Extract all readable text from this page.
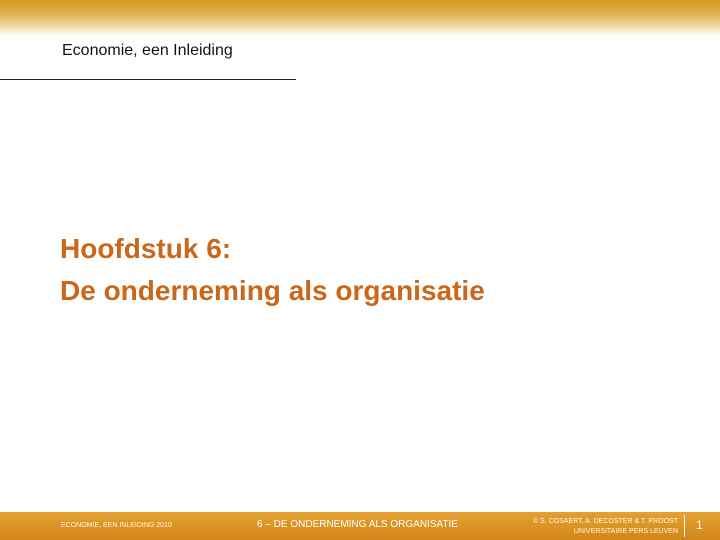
Economie, een Inleiding
Hoofdstuk 6:
De onderneming als organisatie
ECONOMIE, EEN INLEIDING 2010	6 – DE ONDERNEMING ALS ORGANISATIE	© S. COSAERT, A. DECOSTER & T. PROOST
UNIVERSITAIRE PERS LEUVEN 1
